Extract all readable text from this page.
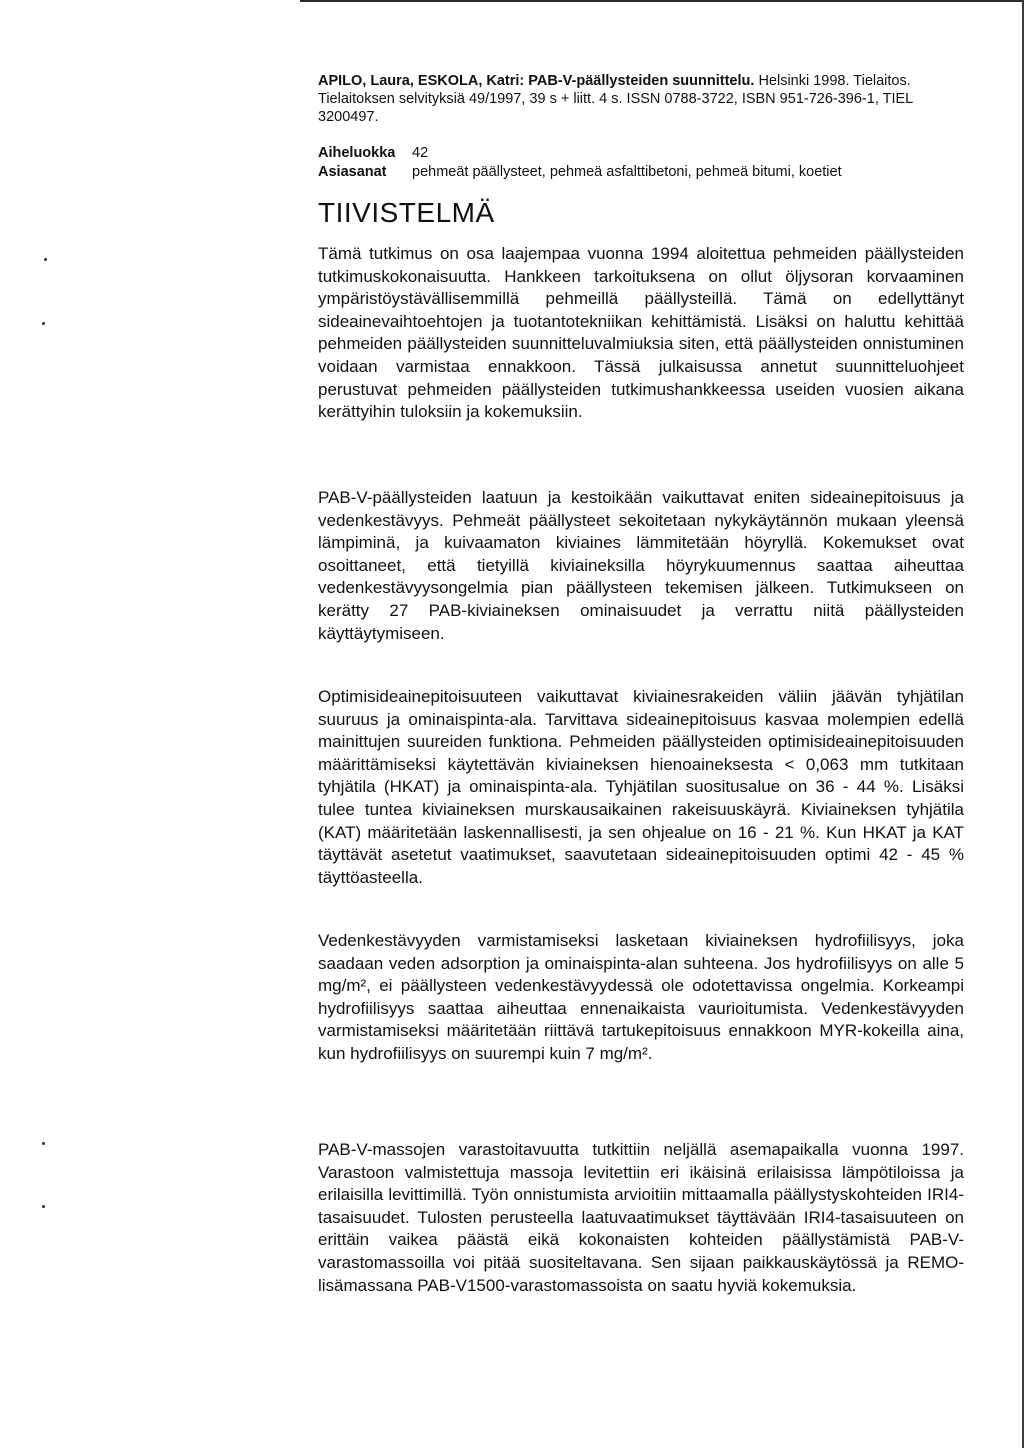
APILO, Laura, ESKOLA, Katri: PAB-V-päällysteiden suunnittelu. Helsinki 1998. Tielaitos. Tielaitoksen selvityksiä 49/1997, 39 s + liitt. 4 s. ISSN 0788-3722, ISBN 951-726-396-1, TIEL 3200497.
Aiheluokka 42
Asiasanat pehmeät päällysteet, pehmeä asfalttibetoni, pehmeä bitumi, koetiet
TIIVISTELMÄ

Tämä tutkimus on osa laajempaa vuonna 1994 aloitettua pehmeiden päällysteiden tutkimuskokonaisuutta. Hankkeen tarkoituksena on ollut öljysoran korvaaminen ympäristöystävällisemmillä pehmeillä päällysteillä. Tämä on edellyttänyt sideainevaihtoehtojen ja tuotantotekniikan kehittämistä. Lisäksi on haluttu kehittää pehmeiden päällysteiden suunnitteluvalmiuksia siten, että päällysteiden onnistuminen voidaan varmistaa ennakkoon. Tässä julkaisussa annetut suunnitteluohjeet perustuvat pehmeiden päällysteiden tutkimushankkeessa useiden vuosien aikana kerättyihin tuloksiin ja kokemuksiin.

PAB-V-päällysteiden laatuun ja kestoikään vaikuttavat eniten sideainepitoisuus ja vedenkestävyys. Pehmeät päällysteet sekoitetaan nykykäytännön mukaan yleensä lämpiminä, ja kuivaamaton kiviaines lämmitetään höyryllä. Kokemukset ovat osoittaneet, että tietyillä kiviaineksilla höyrykuumennus saattaa aiheuttaa vedenkestävyysongelmia pian päällysteen tekemisen jälkeen. Tutkimukseen on kerätty 27 PAB-kiviaineksen ominaisuudet ja verrattu niitä päällysteiden käyttäytymiseen.

Optimisideainepitoisuuteen vaikuttavat kiviainesrakeiden väliin jäävän tyhjätilan suuruus ja ominaispinta-ala. Tarvittava sideainepitoisuus kasvaa molempien edellä mainittujen suureiden funktiona. Pehmeiden päällysteiden optimisideainepitoisuuden määrittämiseksi käytettävän kiviaineksen hienoaineksesta < 0,063 mm tutkitaan tyhjätila (HKAT) ja ominaispinta-ala. Tyhjätilan suositusalue on 36 - 44 %. Lisäksi tulee tuntea kiviaineksen murskausaikainen rakeisuuskäyrä. Kiviaineksen tyhjätila (KAT) määritetään laskennallisesti, ja sen ohjealue on 16 - 21 %. Kun HKAT ja KAT täyttävät asetetut vaatimukset, saavutetaan sideainepitoisuuden optimi 42 - 45 % täyttöasteella.

Vedenkestävyyden varmistamiseksi lasketaan kiviaineksen hydrofiilisyys, joka saadaan veden adsorption ja ominaispinta-alan suhteena. Jos hydrofiilisyys on alle 5 mg/m², ei päällysteen vedenkestävyydessä ole odotettavissa ongelmia. Korkeampi hydrofiilisyys saattaa aiheuttaa ennenaikaista vaurioitumista. Vedenkestävyyden varmistamiseksi määritetään riittävä tartukepitoisuus ennakkoon MYR-kokeilla aina, kun hydrofiilisyys on suurempi kuin 7 mg/m².

PAB-V-massojen varastoitavuutta tutkittiin neljällä asemapaikalla vuonna 1997. Varastoon valmistettuja massoja levitettiin eri ikäisinä erilaisissa lämpötiloissa ja erilaisilla levittimillä. Työn onnistumista arvioitiin mittaamalla päällystyskohteiden IRI4-tasaisuudet. Tulosten perusteella laatuvaatimukset täyttävään IRI4-tasaisuuteen on erittäin vaikea päästä eikä kokonaisten kohteiden päällystämistä PAB-V-varastomassoilla voi pitää suositeltavana. Sen sijaan paikkauskäytössä ja REMO-lisämassana PAB-V1500-varastomassoista on saatu hyviä kokemuksia.
